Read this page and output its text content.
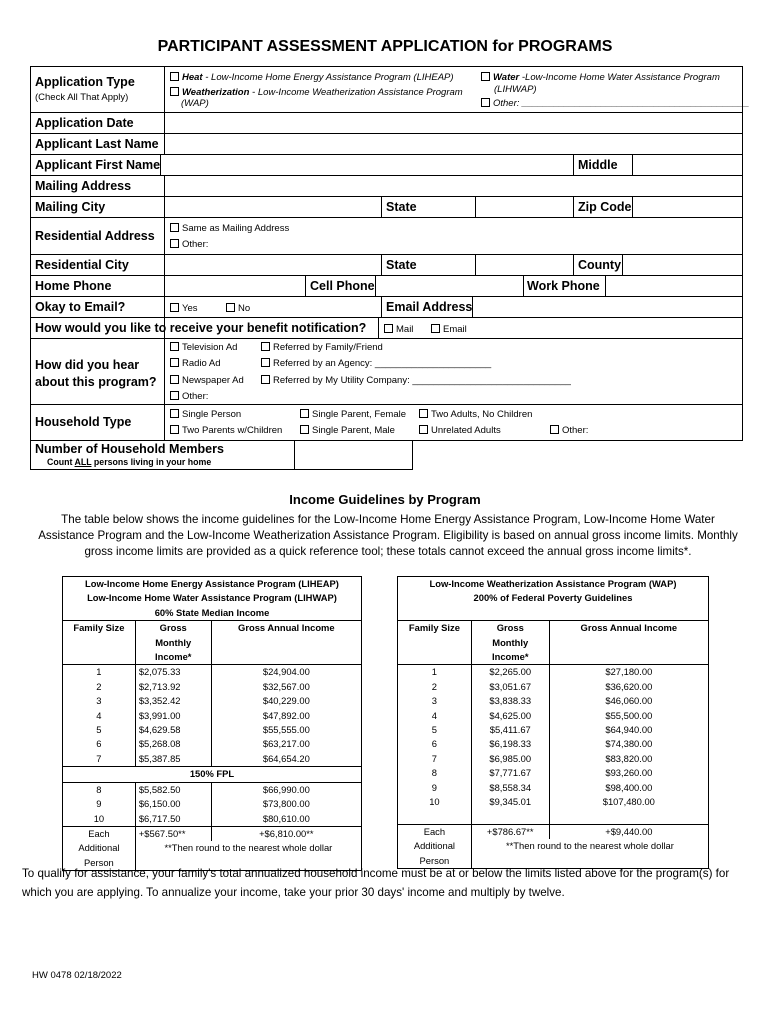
PARTICIPANT ASSESSMENT APPLICATION for PROGRAMS
Application Type
(Check All That Apply)
Heat - Low-Income Home Energy Assistance Program (LIHEAP)
Weatherization - Low-Income Weatherization Assistance Program
(WAP)
Water -Low-Income Home Water Assistance Program
(LIHWAP)
Other: ___________________________________________
Application Date
Applicant Last Name
Applicant First Name	Middle
Mailing Address
Mailing City	State	Zip Code
Residential Address
Same as Mailing Address
Other:
Residential City	State	County
Home Phone	Cell Phone	Work Phone
Okay to Email?	Yes	No	Email Address
How would you like to receive your benefit notification?	Mail	Email
How did you hear
about this program?
Television Ad
Radio Ad
Newspaper Ad
Other:
Referred by Family/Friend
Referred by an Agency: ______________________
Referred by My Utility Company: ______________________________
Household Type
Single Person
Two Parents w/Children
Single Parent, Female
Single Parent, Male
Two Adults, No Children
Unrelated Adults	Other:
Number of Household Members
Count ALL persons living in your home
Income Guidelines by Program
The table below shows the income guidelines for the Low-Income Home Energy Assistance Program, Low-Income Home Water Assistance Program and the Low-Income Weatherization Assistance Program. Eligibility is based on annual gross income limits. Monthly gross income limits are provided as a quick reference tool; these totals cannot exceed the annual gross income limits*.
Low-Income Home Energy Assistance Program (LIHEAP)		
Low-Income Home Water Assistance Program (LIHWAP)		
60% State Median Income		
Family Size	Gross	Gross Annual Income
	Monthly	
	Income*	
1	$2,075.33	$24,904.00
2	$2,713.92	$32,567.00
3	$3,352.42	$40,229.00
4	$3,991.00	$47,892.00
5	$4,629.58	$55,555.00
6	$5,268.08	$63,217.00
7	$5,387.85	$64,654.20
150% FPL		
8	$5,582.50	$66,990.00
9	$6,150.00	$73,800.00
10	$6,717.50	$80,610.00
Each	+$567.50**	+$6,810.00**
Additional	**Then round to the nearest whole dollar	
Person		
Low-Income Weatherization Assistance Program (WAP)		
200% of Federal Poverty Guidelines		

Family Size	Gross	Gross Annual Income
	Monthly	
	Income*	
1	$2,265.00	$27,180.00
2	$3,051.67	$36,620.00
3	$3,838.33	$46,060.00
4	$4,625.00	$55,500.00
5	$5,411.67	$64,940.00
6	$6,198.33	$74,380.00
7	$6,985.00	$83,820.00
8	$7,771.67	$93,260.00
9	$8,558.34	$98,400.00
10	$9,345.01	$107,480.00

Each	+$786.67**	+$9,440.00
Additional	**Then round to the nearest whole dollar	
Person		
To qualify for assistance, your family's total annualized household income must be at or below the limits listed above for the program(s) for which you are applying. To annualize your income, take your prior 30 days' income and multiply by twelve.
HW 0478 02/18/2022
